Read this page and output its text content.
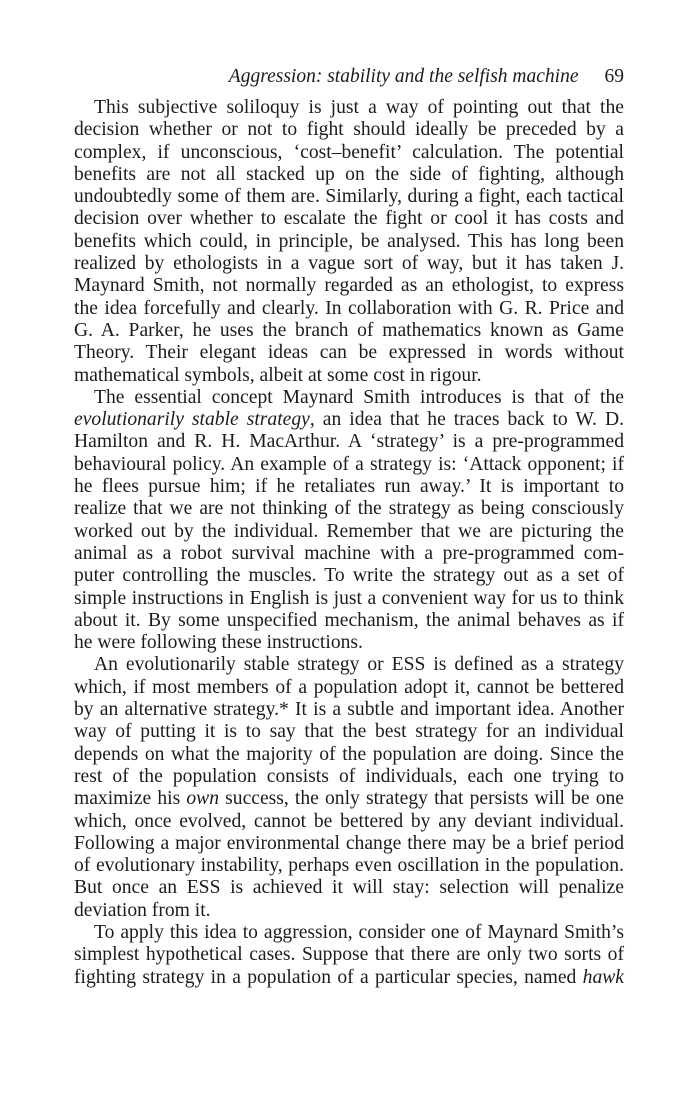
Aggression: stability and the selfish machine 69
This subjective soliloquy is just a way of pointing out that the
decision whether or not to fight should ideally be preceded by a
complex, if unconscious, ‘cost–benefit’ calculation. The potential
benefits are not all stacked up on the side of fighting, although
undoubtedly some of them are. Similarly, during a fight, each tactical
decision over whether to escalate the fight or cool it has costs and
benefits which could, in principle, be analysed. This has long been
realized by ethologists in a vague sort of way, but it has taken J.
Maynard Smith, not normally regarded as an ethologist, to express
the idea forcefully and clearly. In collaboration with G. R. Price and
G. A. Parker, he uses the branch of mathematics known as Game
Theory. Their elegant ideas can be expressed in words without
mathematical symbols, albeit at some cost in rigour.
The essential concept Maynard Smith introduces is that of the
evolutionarily stable strategy, an idea that he traces back to W. D.
Hamilton and R. H. MacArthur. A ‘strategy’ is a pre-programmed
behavioural policy. An example of a strategy is: ‘Attack opponent; if
he flees pursue him; if he retaliates run away.’ It is important to
realize that we are not thinking of the strategy as being consciously
worked out by the individual. Remember that we are picturing the
animal as a robot survival machine with a pre-programmed com-
puter controlling the muscles. To write the strategy out as a set of
simple instructions in English is just a convenient way for us to think
about it. By some unspecified mechanism, the animal behaves as if
he were following these instructions.
An evolutionarily stable strategy or ESS is defined as a strategy
which, if most members of a population adopt it, cannot be bettered
by an alternative strategy.* It is a subtle and important idea. Another
way of putting it is to say that the best strategy for an individual
depends on what the majority of the population are doing. Since the
rest of the population consists of individuals, each one trying to
maximize his own success, the only strategy that persists will be one
which, once evolved, cannot be bettered by any deviant individual.
Following a major environmental change there may be a brief period
of evolutionary instability, perhaps even oscillation in the population.
But once an ESS is achieved it will stay: selection will penalize
deviation from it.
To apply this idea to aggression, consider one of Maynard Smith’s
simplest hypothetical cases. Suppose that there are only two sorts of
fighting strategy in a population of a particular species, named hawk
